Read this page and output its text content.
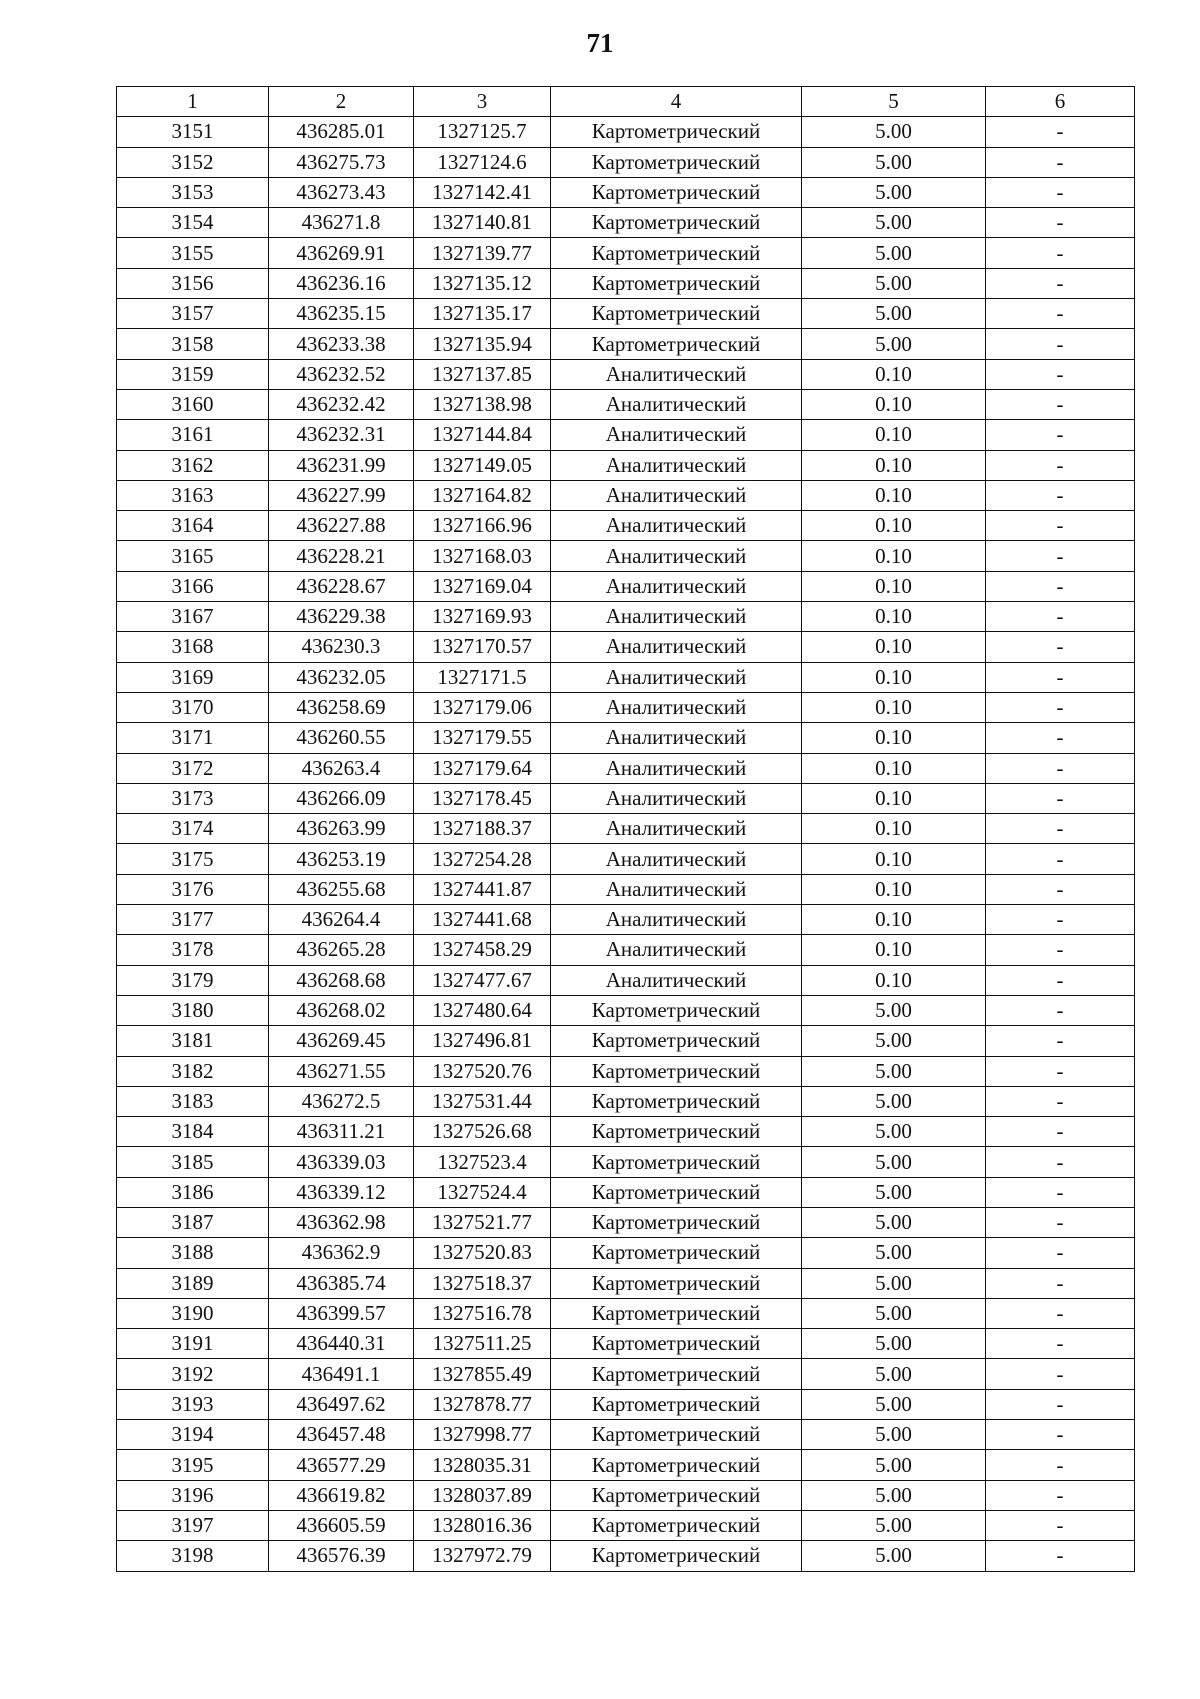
71
1	2	3	4	5	6
3151	436285.01	1327125.7	Картометрический	5.00	-
3152	436275.73	1327124.6	Картометрический	5.00	-
3153	436273.43	1327142.41	Картометрический	5.00	-
3154	436271.8	1327140.81	Картометрический	5.00	-
3155	436269.91	1327139.77	Картометрический	5.00	-
3156	436236.16	1327135.12	Картометрический	5.00	-
3157	436235.15	1327135.17	Картометрический	5.00	-
3158	436233.38	1327135.94	Картометрический	5.00	-
3159	436232.52	1327137.85	Аналитический	0.10	-
3160	436232.42	1327138.98	Аналитический	0.10	-
3161	436232.31	1327144.84	Аналитический	0.10	-
3162	436231.99	1327149.05	Аналитический	0.10	-
3163	436227.99	1327164.82	Аналитический	0.10	-
3164	436227.88	1327166.96	Аналитический	0.10	-
3165	436228.21	1327168.03	Аналитический	0.10	-
3166	436228.67	1327169.04	Аналитический	0.10	-
3167	436229.38	1327169.93	Аналитический	0.10	-
3168	436230.3	1327170.57	Аналитический	0.10	-
3169	436232.05	1327171.5	Аналитический	0.10	-
3170	436258.69	1327179.06	Аналитический	0.10	-
3171	436260.55	1327179.55	Аналитический	0.10	-
3172	436263.4	1327179.64	Аналитический	0.10	-
3173	436266.09	1327178.45	Аналитический	0.10	-
3174	436263.99	1327188.37	Аналитический	0.10	-
3175	436253.19	1327254.28	Аналитический	0.10	-
3176	436255.68	1327441.87	Аналитический	0.10	-
3177	436264.4	1327441.68	Аналитический	0.10	-
3178	436265.28	1327458.29	Аналитический	0.10	-
3179	436268.68	1327477.67	Аналитический	0.10	-
3180	436268.02	1327480.64	Картометрический	5.00	-
3181	436269.45	1327496.81	Картометрический	5.00	-
3182	436271.55	1327520.76	Картометрический	5.00	-
3183	436272.5	1327531.44	Картометрический	5.00	-
3184	436311.21	1327526.68	Картометрический	5.00	-
3185	436339.03	1327523.4	Картометрический	5.00	-
3186	436339.12	1327524.4	Картометрический	5.00	-
3187	436362.98	1327521.77	Картометрический	5.00	-
3188	436362.9	1327520.83	Картометрический	5.00	-
3189	436385.74	1327518.37	Картометрический	5.00	-
3190	436399.57	1327516.78	Картометрический	5.00	-
3191	436440.31	1327511.25	Картометрический	5.00	-
3192	436491.1	1327855.49	Картометрический	5.00	-
3193	436497.62	1327878.77	Картометрический	5.00	-
3194	436457.48	1327998.77	Картометрический	5.00	-
3195	436577.29	1328035.31	Картометрический	5.00	-
3196	436619.82	1328037.89	Картометрический	5.00	-
3197	436605.59	1328016.36	Картометрический	5.00	-
3198	436576.39	1327972.79	Картометрический	5.00	-
